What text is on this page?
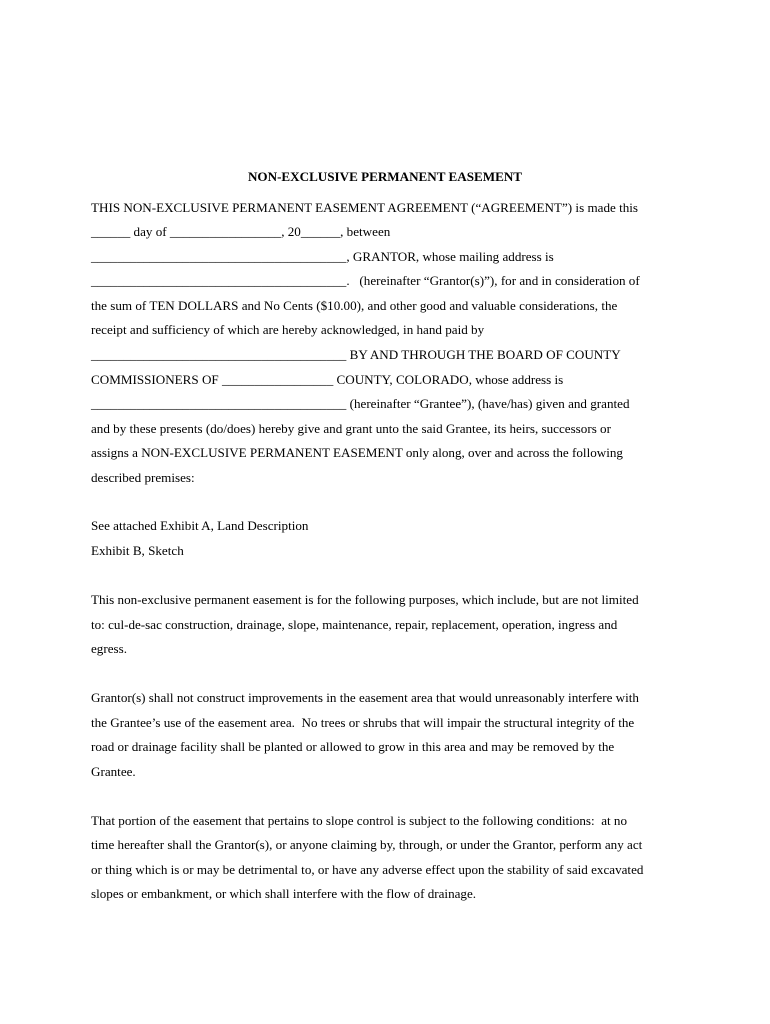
NON-EXCLUSIVE PERMANENT EASEMENT

THIS NON-EXCLUSIVE PERMANENT EASEMENT AGREEMENT (“AGREEMENT”) is made this

______ day of _________________, 20______, between

_______________________________________, GRANTOR, whose mailing address is

_______________________________________.   (hereinafter “Grantor(s)”), for and in consideration of

the sum of TEN DOLLARS and No Cents ($10.00), and other good and valuable considerations, the

receipt and sufficiency of which are hereby acknowledged, in hand paid by

_______________________________________ BY AND THROUGH THE BOARD OF COUNTY

COMMISSIONERS OF _________________ COUNTY, COLORADO, whose address is

_______________________________________ (hereinafter “Grantee”), (have/has) given and granted

and by these presents (do/does) hereby give and grant unto the said Grantee, its heirs, successors or

assigns a NON-EXCLUSIVE PERMANENT EASEMENT only along, over and across the following

described premises:

See attached Exhibit A, Land Description

Exhibit B, Sketch

This non-exclusive permanent easement is for the following purposes, which include, but are not limited

to: cul-de-sac construction, drainage, slope, maintenance, repair, replacement, operation, ingress and

egress.

Grantor(s) shall not construct improvements in the easement area that would unreasonably interfere with

the Grantee’s use of the easement area.  No trees or shrubs that will impair the structural integrity of the

road or drainage facility shall be planted or allowed to grow in this area and may be removed by the

Grantee.

That portion of the easement that pertains to slope control is subject to the following conditions:  at no

time hereafter shall the Grantor(s), or anyone claiming by, through, or under the Grantor, perform any act

or thing which is or may be detrimental to, or have any adverse effect upon the stability of said excavated

slopes or embankment, or which shall interfere with the flow of drainage.
